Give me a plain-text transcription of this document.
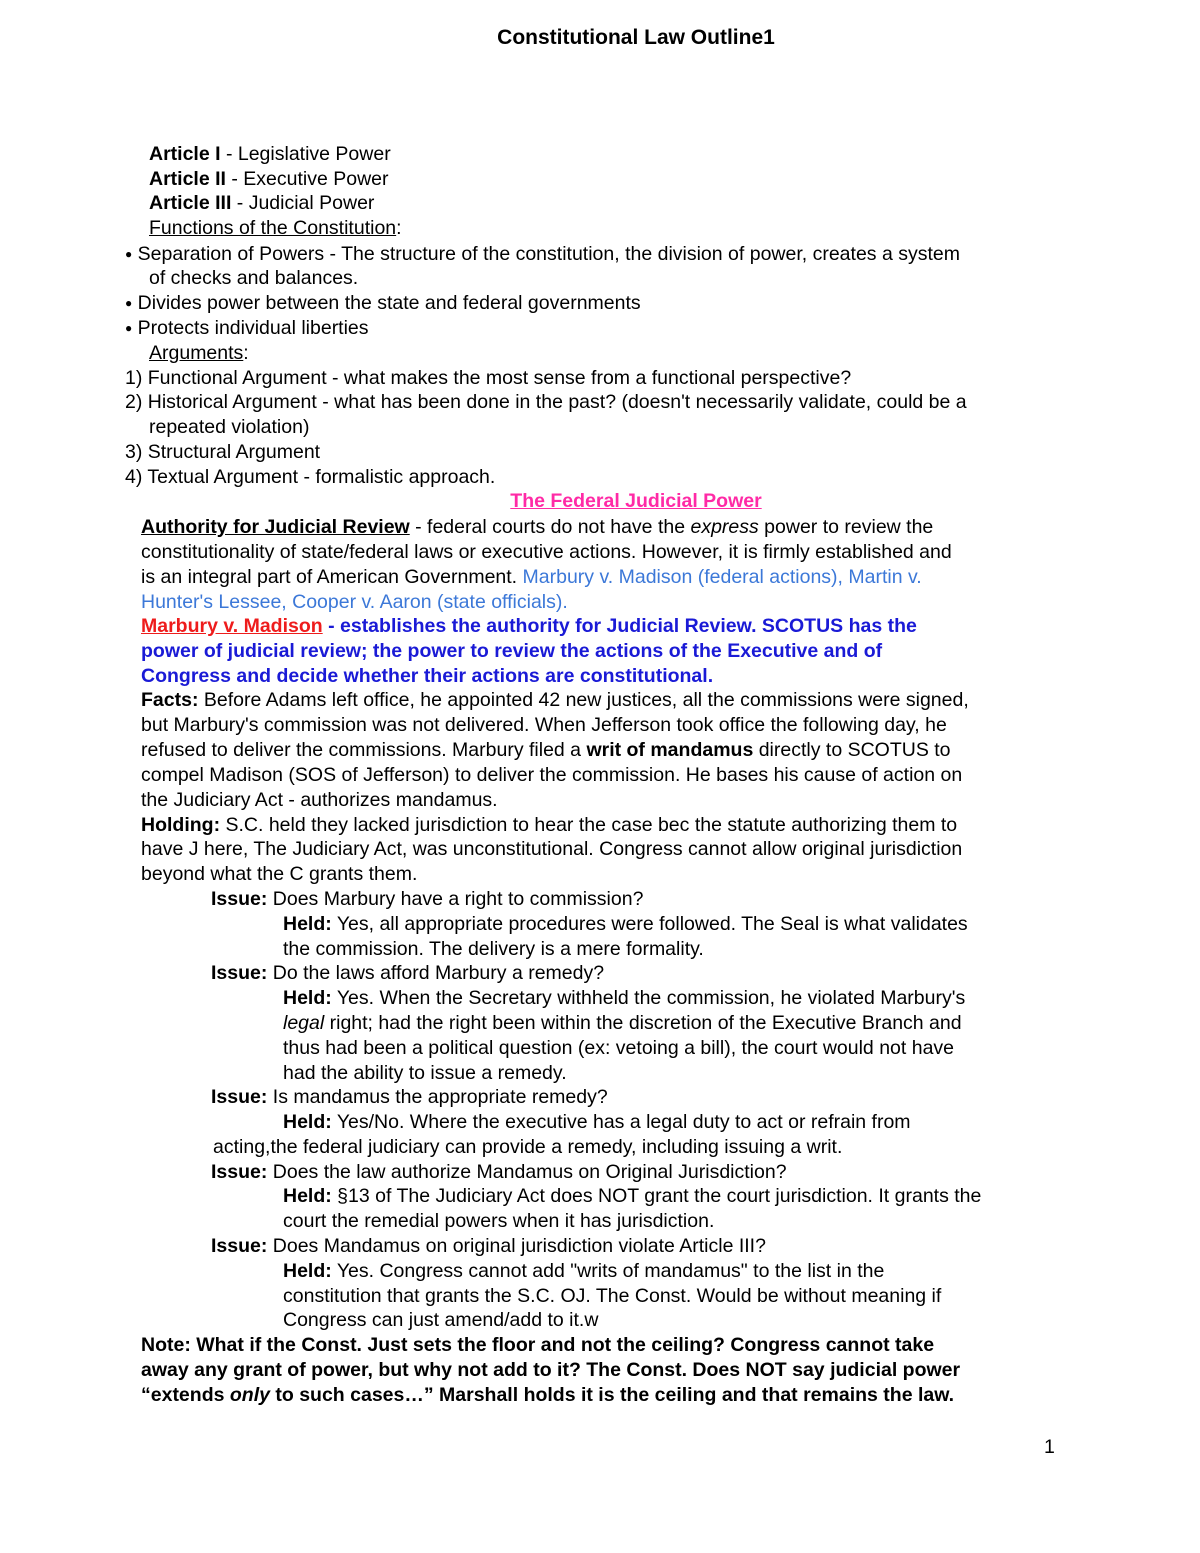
Constitutional Law Outline1
Article I - Legislative Power
Article II - Executive Power
Article III - Judicial Power
Functions of the Constitution:
● Separation of Powers - The structure of the constitution, the division of power, creates a system
of checks and balances.
● Divides power between the state and federal governments
● Protects individual liberties
Arguments:
1) Functional Argument - what makes the most sense from a functional perspective?
2) Historical Argument - what has been done in the past? (doesn't necessarily validate, could be a
repeated violation)
3) Structural Argument
4) Textual Argument - formalistic approach.
The Federal Judicial Power
Authority for Judicial Review - federal courts do not have the express power to review the
constitutionality of state/federal laws or executive actions. However, it is firmly established and
is an integral part of American Government. Marbury v. Madison (federal actions), Martin v.
Hunter's Lessee, Cooper v. Aaron (state officials).
Marbury v. Madison - establishes the authority for Judicial Review. SCOTUS has the
power of judicial review; the power to review the actions of the Executive and of
Congress and decide whether their actions are constitutional.
Facts: Before Adams left office, he appointed 42 new justices, all the commissions were signed,
but Marbury's commission was not delivered. When Jefferson took office the following day, he
refused to deliver the commissions. Marbury filed a writ of mandamus directly to SCOTUS to
compel Madison (SOS of Jefferson) to deliver the commission. He bases his cause of action on
the Judiciary Act - authorizes mandamus.
Holding: S.C. held they lacked jurisdiction to hear the case bec the statute authorizing them to
have J here, The Judiciary Act, was unconstitutional. Congress cannot allow original jurisdiction
beyond what the C grants them.
Issue: Does Marbury have a right to commission?
Held: Yes, all appropriate procedures were followed. The Seal is what validates
the commission. The delivery is a mere formality.
Issue: Do the laws afford Marbury a remedy?
Held: Yes. When the Secretary withheld the commission, he violated Marbury's
legal right; had the right been within the discretion of the Executive Branch and
thus had been a political question (ex: vetoing a bill), the court would not have
had the ability to issue a remedy.
Issue: Is mandamus the appropriate remedy?
Held: Yes/No. Where the executive has a legal duty to act or refrain from
acting,the federal judiciary can provide a remedy, including issuing a writ.
Issue: Does the law authorize Mandamus on Original Jurisdiction?
Held: §13 of The Judiciary Act does NOT grant the court jurisdiction. It grants the
court the remedial powers when it has jurisdiction.
Issue: Does Mandamus on original jurisdiction violate Article III?
Held: Yes. Congress cannot add "writs of mandamus" to the list in the
constitution that grants the S.C. OJ. The Const. Would be without meaning if
Congress can just amend/add to it.w
Note: What if the Const. Just sets the floor and not the ceiling? Congress cannot take
away any grant of power, but why not add to it? The Const. Does NOT say judicial power
“extends only to such cases…” Marshall holds it is the ceiling and that remains the law.
1
